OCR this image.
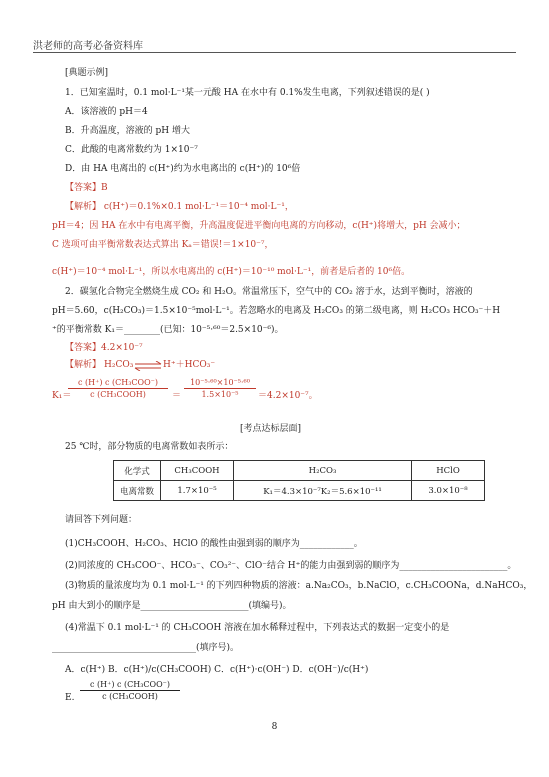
洪老师的高考必备资料库
[典题示例]
1．已知室温时，0.1 mol·L⁻¹某一元酸 HA 在水中有 0.1%发生电离，下列叙述错误的是( )
A．该溶液的 pH＝4
B．升高温度，溶液的 pH 增大
C．此酸的电离常数约为 1×10⁻⁷
D．由 HA 电离出的 c(H⁺)约为水电离出的 c(H⁺)的 10⁶倍
【答案】B
【解析】 c(H⁺)＝0.1%×0.1 mol·L⁻¹＝10⁻⁴ mol·L⁻¹，
pH＝4；因 HA 在水中有电离平衡，升高温度促进平衡向电离的方向移动，c(H⁺)将增大，pH 会减小；
C 选项可由平衡常数表达式算出 Kₐ＝错误!＝1×10⁻⁷，
c(H⁺)＝10⁻⁴ mol·L⁻¹，所以水电离出的 c(H⁺)＝10⁻¹⁰ mol·L⁻¹，前者是后者的 10⁶倍。
2．碳氢化合物完全燃烧生成 CO₂ 和 H₂O。常温常压下，空气中的 CO₂ 溶于水，达到平衡时，溶液的
pH＝5.60，c(H₂CO₃)＝1.5×10⁻⁵mol·L⁻¹。若忽略水的电离及 H₂CO₃ 的第二级电离，则 H₂CO₃ HCO₃⁻＋H
⁺的平衡常数 K₁＝________(已知：10⁻⁵·⁶⁰＝2.5×10⁻⁶)。
【答案】4.2×10⁻⁷
【解析】 H₂CO₃ ⇌ H⁺＋HCO₃⁻
K₁＝
c (H⁺) c (CH₃COO⁻)
c (CH₃COOH)	＝
10⁻⁵·⁶⁰×10⁻⁵·⁶⁰
1.5×10⁻⁵	＝4.2×10⁻⁷。
[考点达标层面]
25 ℃时，部分物质的电离常数如表所示：
化学式	CH₃COOH	H₂CO₃	HClO
电离常数	1.7×10⁻⁵	K₁＝4.3×10⁻⁷K₂＝5.6×10⁻¹¹	3.0×10⁻⁸
请回答下列问题：
(1)CH₃COOH、H₂CO₃、HClO 的酸性由强到弱的顺序为____________。
(2)同浓度的 CH₃COO⁻、HCO₃⁻、CO₃²⁻、ClO⁻结合 H⁺的能力由强到弱的顺序为________________________。
(3)物质的量浓度均为 0.1 mol·L⁻¹ 的下列四种物质的溶液：a.Na₂CO₃，b.NaClO，c.CH₃COONa，d.NaHCO₃，
pH 由大到小的顺序是________________________(填编号)。
(4)常温下 0.1 mol·L⁻¹ 的 CH₃COOH 溶液在加水稀释过程中，下列表达式的数据一定变小的是
________________________________(填序号)。
A．c(H⁺) B．c(H⁺)/c(CH₃COOH) C．c(H⁺)·c(OH⁻) D．c(OH⁻)/c(H⁺)
E.
c (H⁺) c (CH₃COO⁻)
c (CH₃COOH)
8
